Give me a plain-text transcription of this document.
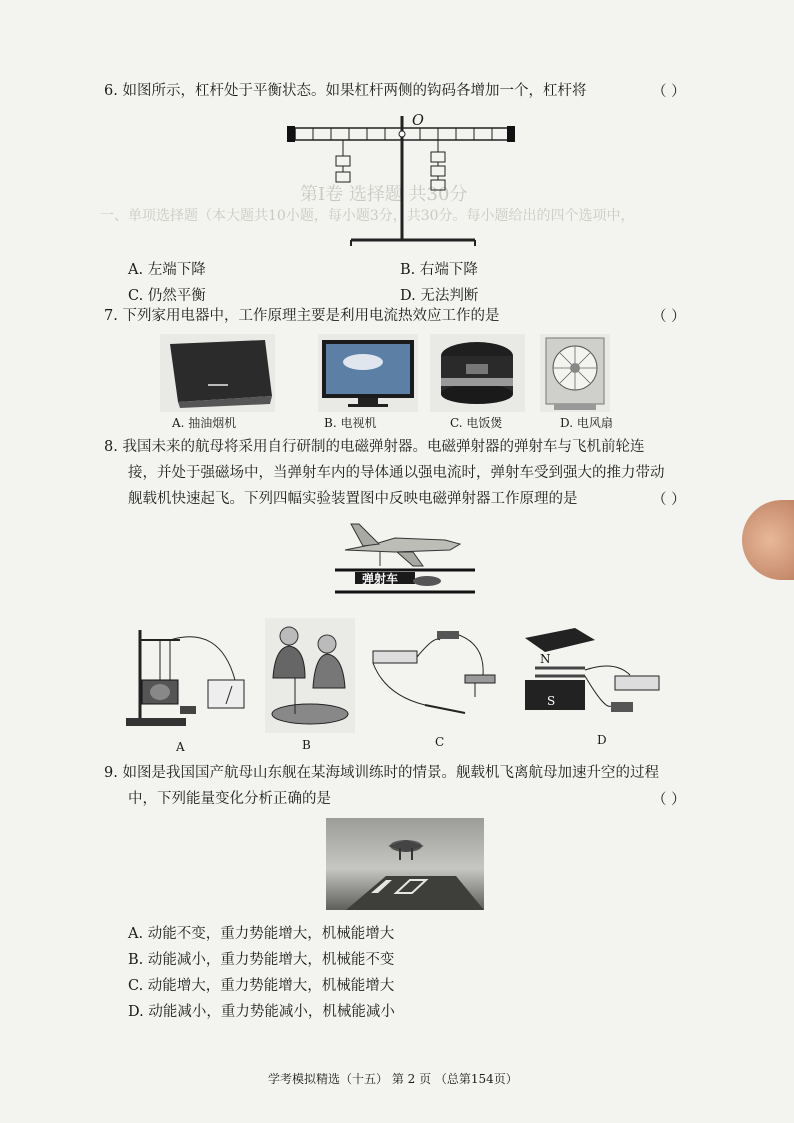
一、单项选择题（本大题共10小题，每小题3分，共30分。每小题给出的四个选项中，
第Ⅰ卷 选择题 共30分
6. 如图所示，杠杆处于平衡状态。如果杠杆两侧的钩码各增加一个，杠杆将	（ ）
O
A. 左端下降	B. 右端下降
C. 仍然平衡	D. 无法判断
7. 下列家用电器中，工作原理主要是利用电流热效应工作的是	（ ）
A. 抽油烟机	B. 电视机	C. 电饭煲	D. 电风扇
8. 我国未来的航母将采用自行研制的电磁弹射器。电磁弹射器的弹射车与飞机前轮连
接，并处于强磁场中，当弹射车内的导体通以强电流时，弹射车受到强大的推力带动
舰载机快速起飞。下列四幅实验装置图中反映电磁弹射器工作原理的是	（ ）
弹射车
N
S
A	B	C	D
9. 如图是我国国产航母山东舰在某海域训练时的情景。舰载机飞离航母加速升空的过程
中，下列能量变化分析正确的是	（ ）
A. 动能不变，重力势能增大，机械能增大
B. 动能减小，重力势能增大，机械能不变
C. 动能增大，重力势能增大，机械能增大
D. 动能减小，重力势能减小，机械能减小
学考模拟精选（十五） 第 2 页 （总第154页）
